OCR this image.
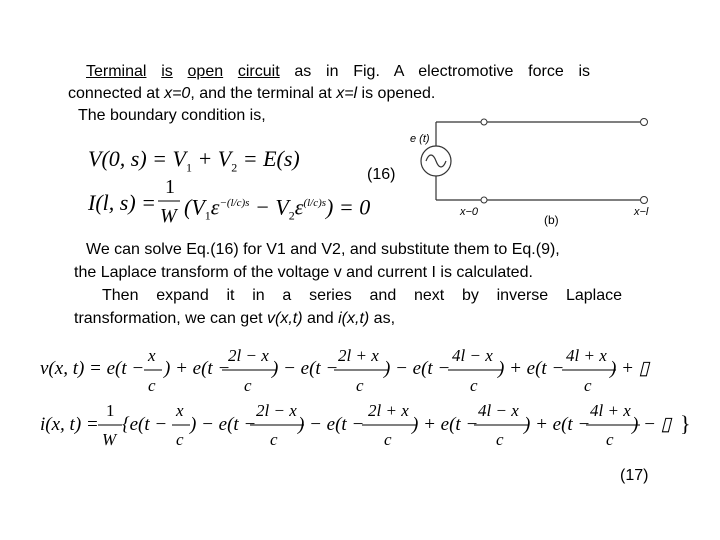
Terminal is open circuit as in Fig. A electromotive force is
connected at x=0, and the terminal at x=l is opened.
The boundary condition is,
V(0, $s) = V_1 + V_2 = E(s)$
I(l, s) =
1
W $(V_1\varepsilon^{-(l/c)s} - V_2\varepsilon^{(l/c)s}) = 0$
(16)
e (t)
x−0
(b)
x−l
We can solve Eq.(16) for V1 and V2, and substitute them to Eq.(9),
the Laplace transform of the voltage v and current I is calculated.
Then expand it in a series and next by inverse Laplace
transformation, we can get v(x,t) and i(x,t) as,
v(x, t) = e(t −
x
c
) + e(t −
2l − x
c
) − e(t −
2l + x
c
) − e(t −
4l − x
c
) + e(t −
4l + x
c
) + ▯
i(x, t) =
1
W
{e(t −
x
c
) − e(t −
2l − x
c
) − e(t −
2l + x
c
) + e(t −
4l − x
c
) + e(t −
4l + x
c
) − ▯ }
(17)
